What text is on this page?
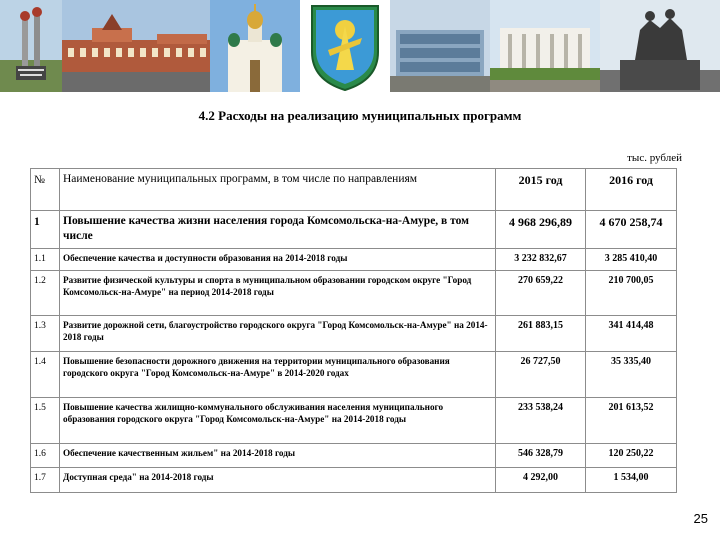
4.2 Расходы на реализацию муниципальных программ
тыс. рублей
№	Наименование муниципальных программ, в том числе по направлениям	2015 год	2016 год
1	Повышение качества жизни населения города Комсомольска-на-Амуре, в том числе	4 968 296,89	4 670 258,74
1.1	Обеспечение качества и доступности образования на 2014-2018 годы	3 232 832,67	3 285 410,40
1.2	Развитие физической культуры и спорта в муниципальном образовании городском округе "Город Комсомольск-на-Амуре" на период 2014-2018 годы	270 659,22	210 700,05
1.3	Развитие дорожной сети, благоустройство городского округа "Город Комсомольск-на-Амуре" на 2014-2018 годы	261 883,15	341 414,48
1.4	Повышение безопасности дорожного движения на территории муниципального образования городского округа "Город Комсомольск-на-Амуре" в 2014-2020 годах	26 727,50	35 335,40
1.5	Повышение качества жилищно-коммунального обслуживания населения муниципального образования городского округа "Город Комсомольск-на-Амуре" на 2014-2018 годы	233 538,24	201 613,52
1.6	Обеспечение качественным жильем" на 2014-2018 годы	546 328,79	120 250,22
1.7	Доступная среда" на 2014-2018 годы	4 292,00	1 534,00
25
